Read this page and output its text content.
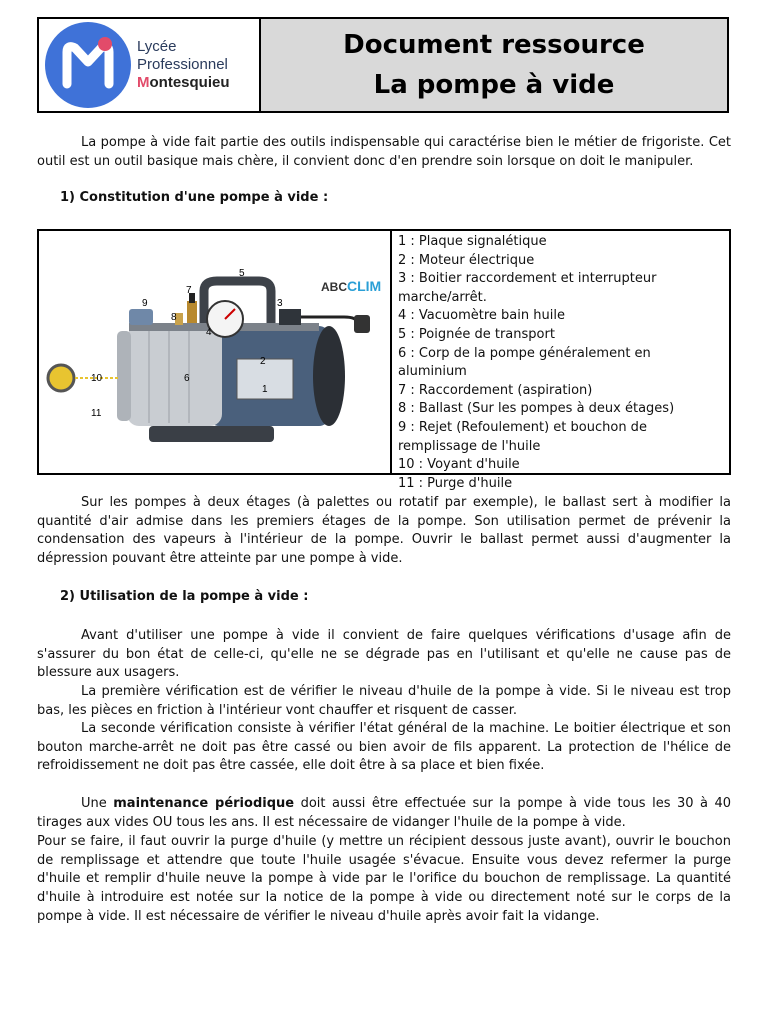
Lycée
Professionnel
Montesquieu
Document ressource
La pompe à vide

La pompe à vide fait partie des outils indispensable qui caractérise bien le métier de frigoriste. Cet outil est un outil basique mais chère, il convient donc d'en prendre soin lorsque on doit le manipuler.

1) Constitution d'une pompe à vide :

ABC CLIM
1
2
3
4
5
6
7
8
9
10
11
1 : Plaque signalétique
2 : Moteur électrique
3 : Boitier raccordement et interrupteur marche/arrêt.
4 : Vacuomètre bain huile
5 : Poignée de transport
6 : Corp de la pompe généralement en aluminium
7 : Raccordement (aspiration)
8 : Ballast (Sur les pompes à deux étages)
9 : Rejet (Refoulement) et bouchon de remplissage de l'huile
10 : Voyant d'huile
11 : Purge d'huile

Sur les pompes à deux étages (à palettes ou rotatif par exemple), le ballast sert à modifier la quantité d'air admise dans les premiers étages de la pompe. Son utilisation permet de prévenir la condensation des vapeurs à l'intérieur de la pompe. Ouvrir le ballast permet aussi d'augmenter la dépression pouvant être atteinte par une pompe à vide.

2) Utilisation de la pompe à vide :

Avant d'utiliser une pompe à vide il convient de faire quelques vérifications d'usage afin de s'assurer du bon état de celle-ci, qu'elle ne se dégrade pas en l'utilisant et qu'elle ne cause pas de blessure aux usagers.

La première vérification est de vérifier le niveau d'huile de la pompe à vide. Si le niveau est trop bas, les pièces en friction à l'intérieur vont chauffer et risquent de casser.

La seconde vérification consiste à vérifier l'état général de la machine. Le boitier électrique et son bouton marche-arrêt ne doit pas être cassé ou bien avoir de fils apparent. La protection de l'hélice de refroidissement ne doit pas être cassée, elle doit être à sa place et bien fixée.

Une maintenance périodique doit aussi être effectuée sur la pompe à vide tous les 30 à 40 tirages aux vides OU tous les ans. Il est nécessaire de vidanger l'huile de la pompe à vide.

Pour se faire, il faut ouvrir la purge d'huile (y mettre un récipient dessous juste avant), ouvrir le bouchon de remplissage et attendre que toute l'huile usagée s'évacue. Ensuite vous devez refermer la purge d'huile et remplir d'huile neuve la pompe à vide par le l'orifice du bouchon de remplissage. La quantité d'huile à introduire est notée sur la notice de la pompe à vide ou directement noté sur le corps de la pompe à vide. Il est nécessaire de vérifier le niveau d'huile après avoir fait la vidange.
